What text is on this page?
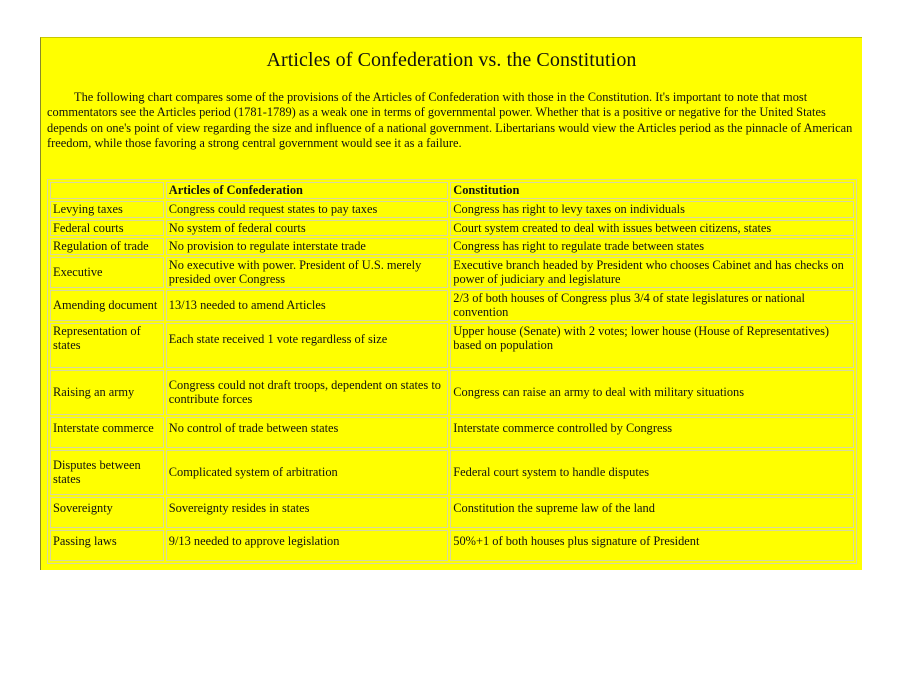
Articles of Confederation vs. the Constitution

The following chart compares some of the provisions of the Articles of Confederation with those in the Constitution. It's important to note that most commentators see the Articles period (1781-1789) as a weak one in terms of governmental power. Whether that is a positive or negative for the United States depends on one's point of view regarding the size and influence of a national government. Libertarians would view the Articles period as the pinnacle of American freedom, while those favoring a strong central government would see it as a failure.

	Articles of Confederation	Constitution
Levying taxes	Congress could request states to pay taxes	Congress has right to levy taxes on individuals
Federal courts	No system of federal courts	Court system created to deal with issues between citizens, states
Regulation of trade	No provision to regulate interstate trade	Congress has right to regulate trade between states
Executive	No executive with power. President of U.S. merely presided over Congress	Executive branch headed by President who chooses Cabinet and has checks on power of judiciary and legislature
Amending document	13/13 needed to amend Articles	2/3 of both houses of Congress plus 3/4 of state legislatures or national convention
Representation of states	Each state received 1 vote regardless of size	Upper house (Senate) with 2 votes; lower house (House of Representatives) based on population
Raising an army	Congress could not draft troops, dependent on states to contribute forces	Congress can raise an army to deal with military situations
Interstate commerce	No control of trade between states	Interstate commerce controlled by Congress
Disputes between states	Complicated system of arbitration	Federal court system to handle disputes
Sovereignty	Sovereignty resides in states	Constitution the supreme law of the land
Passing laws	9/13 needed to approve legislation	50%+1 of both houses plus signature of President
